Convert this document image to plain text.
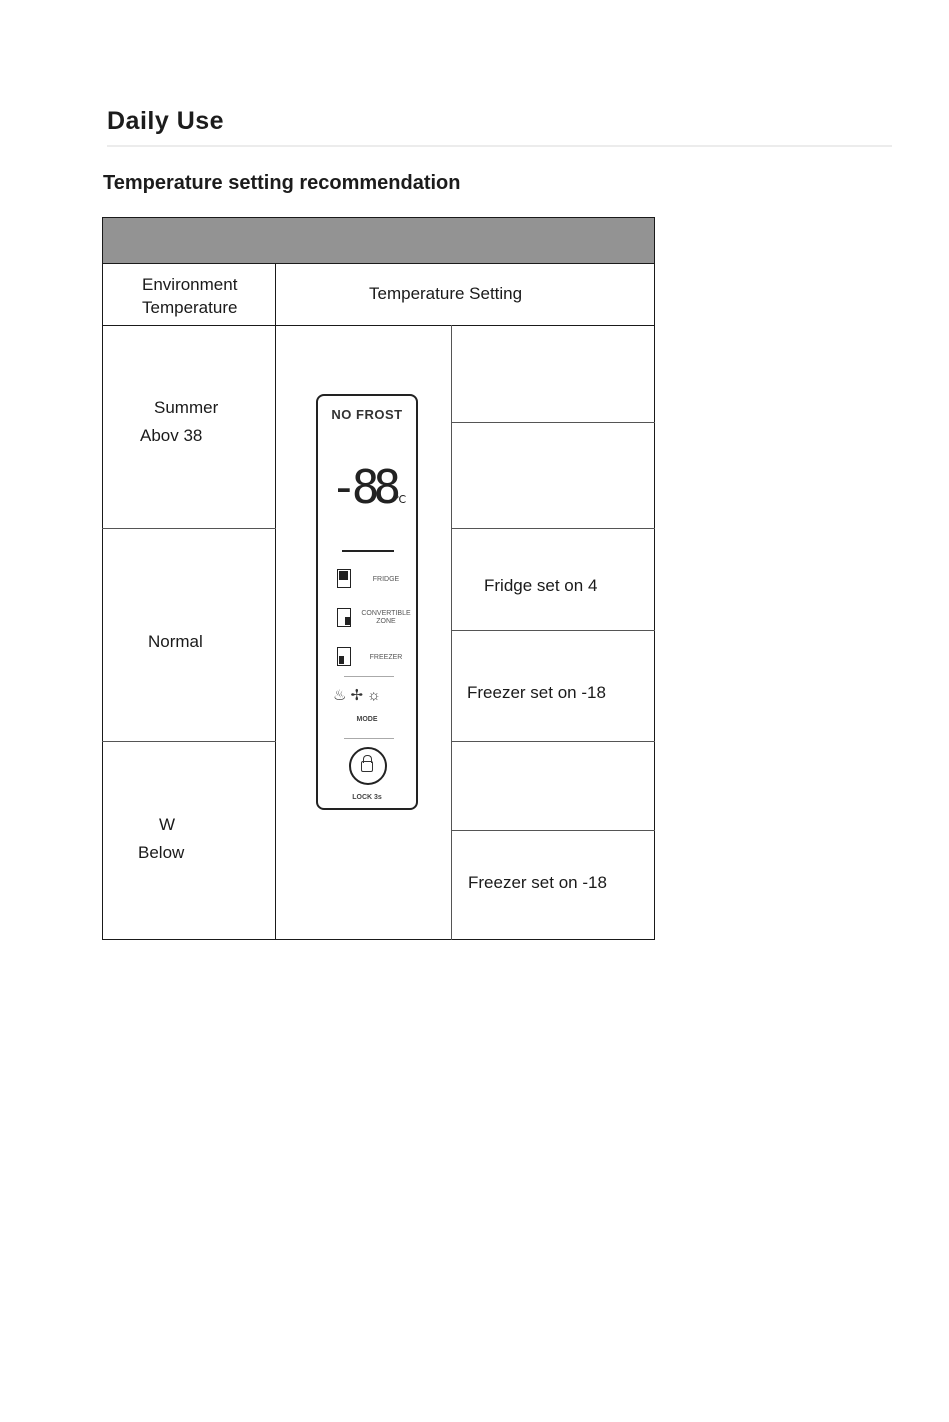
Daily Use
Temperature setting recommendation
Environment
Temperature
Temperature Setting
Summer
Abov 38
Normal
W
Below
Fridge set on 4
Freezer set on -18
Freezer set on -18
NO FROST
-88
℃
FRIDGE
CONVERTIBLE ZONE
FREEZER
♨✢☼
MODE
LOCK 3s
